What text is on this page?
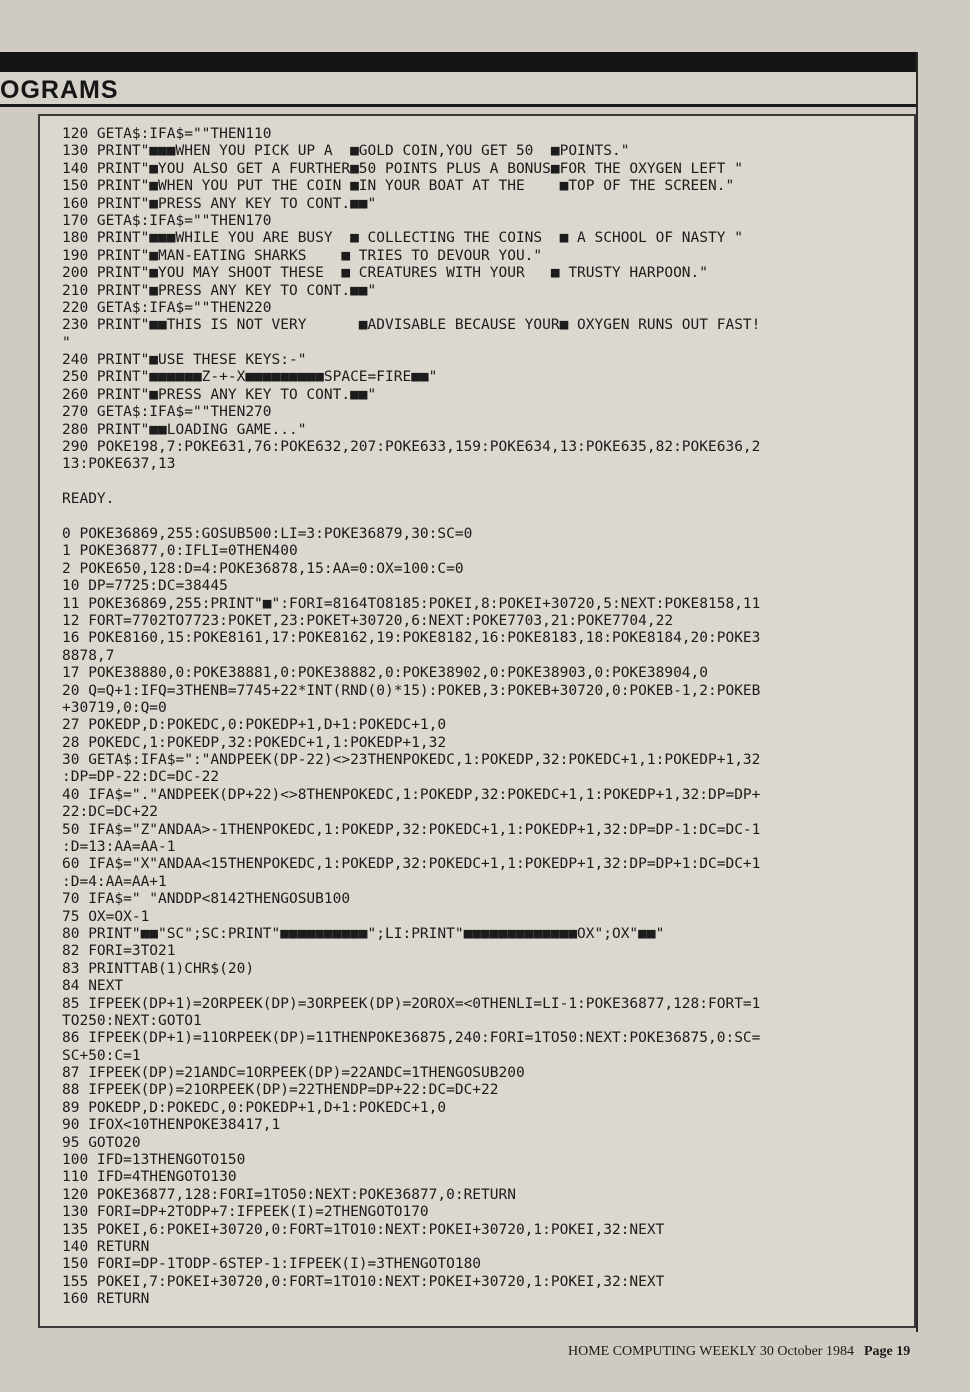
OGRAMS
120 GETA$:IFA$=""THEN110
130 PRINT"■■■WHEN YOU PICK UP A  ■GOLD COIN,YOU GET 50  ■POINTS."
140 PRINT"■YOU ALSO GET A FURTHER■50 POINTS PLUS A BONUS■FOR THE OXYGEN LEFT "
150 PRINT"■WHEN YOU PUT THE COIN ■IN YOUR BOAT AT THE    ■TOP OF THE SCREEN."
160 PRINT"■PRESS ANY KEY TO CONT.■■"
170 GETA$:IFA$=""THEN170
180 PRINT"■■■WHILE YOU ARE BUSY  ■ COLLECTING THE COINS  ■ A SCHOOL OF NASTY "
190 PRINT"■MAN-EATING SHARKS    ■ TRIES TO DEVOUR YOU."
200 PRINT"■YOU MAY SHOOT THESE  ■ CREATURES WITH YOUR   ■ TRUSTY HARPOON."
210 PRINT"■PRESS ANY KEY TO CONT.■■"
220 GETA$:IFA$=""THEN220
230 PRINT"■■THIS IS NOT VERY      ■ADVISABLE BECAUSE YOUR■ OXYGEN RUNS OUT FAST!
"
240 PRINT"■USE THESE KEYS:-"
250 PRINT"■■■■■■Z-+-X■■■■■■■■■SPACE=FIRE■■"
260 PRINT"■PRESS ANY KEY TO CONT.■■"
270 GETA$:IFA$=""THEN270
280 PRINT"■■LOADING GAME..."
290 POKE198,7:POKE631,76:POKE632,207:POKE633,159:POKE634,13:POKE635,82:POKE636,2
13:POKE637,13
READY.
0 POKE36869,255:GOSUB500:LI=3:POKE36879,30:SC=0
1 POKE36877,0:IFLI=0THEN400
2 POKE650,128:D=4:POKE36878,15:AA=0:OX=100:C=0
10 DP=7725:DC=38445
11 POKE36869,255:PRINT"■":FORI=8164TO8185:POKEI,8:POKEI+30720,5:NEXT:POKE8158,11
12 FORT=7702TO7723:POKET,23:POKET+30720,6:NEXT:POKE7703,21:POKE7704,22
16 POKE8160,15:POKE8161,17:POKE8162,19:POKE8182,16:POKE8183,18:POKE8184,20:POKE3
8878,7
17 POKE38880,0:POKE38881,0:POKE38882,0:POKE38902,0:POKE38903,0:POKE38904,0
20 Q=Q+1:IFQ=3THENB=7745+22*INT(RND(0)*15):POKEB,3:POKEB+30720,0:POKEB-1,2:POKEB
+30719,0:Q=0
27 POKEDP,D:POKEDC,0:POKEDP+1,D+1:POKEDC+1,0
28 POKEDC,1:POKEDP,32:POKEDC+1,1:POKEDP+1,32
30 GETA$:IFA$=":"ANDPEEK(DP-22)<>23THENPOKEDC,1:POKEDP,32:POKEDC+1,1:POKEDP+1,32
:DP=DP-22:DC=DC-22
40 IFA$="."ANDPEEK(DP+22)<>8THENPOKEDC,1:POKEDP,32:POKEDC+1,1:POKEDP+1,32:DP=DP+
22:DC=DC+22
50 IFA$="Z"ANDAA>-1THENPOKEDC,1:POKEDP,32:POKEDC+1,1:POKEDP+1,32:DP=DP-1:DC=DC-1
:D=13:AA=AA-1
60 IFA$="X"ANDAA<15THENPOKEDC,1:POKEDP,32:POKEDC+1,1:POKEDP+1,32:DP=DP+1:DC=DC+1
:D=4:AA=AA+1
70 IFA$=" "ANDDP<8142THENGOSUB100
75 OX=OX-1
80 PRINT"■■"SC";SC:PRINT"■■■■■■■■■■";LI:PRINT"■■■■■■■■■■■■■OX";OX"■■"
82 FORI=3TO21
83 PRINTTAB(1)CHR$(20)
84 NEXT
85 IFPEEK(DP+1)=2ORPEEK(DP)=3ORPEEK(DP)=2OROX=<0THENLI=LI-1:POKE36877,128:FORT=1
TO250:NEXT:GOTO1
86 IFPEEK(DP+1)=11ORPEEK(DP)=11THENPOKE36875,240:FORI=1TO50:NEXT:POKE36875,0:SC=
SC+50:C=1
87 IFPEEK(DP)=21ANDC=1ORPEEK(DP)=22ANDC=1THENGOSUB200
88 IFPEEK(DP)=21ORPEEK(DP)=22THENDP=DP+22:DC=DC+22
89 POKEDP,D:POKEDC,0:POKEDP+1,D+1:POKEDC+1,0
90 IFOX<10THENPOKE38417,1
95 GOTO20
100 IFD=13THENGOTO150
110 IFD=4THENGOTO130
120 POKE36877,128:FORI=1TO50:NEXT:POKE36877,0:RETURN
130 FORI=DP+2TODP+7:IFPEEK(I)=2THENGOTO170
135 POKEI,6:POKEI+30720,0:FORT=1TO10:NEXT:POKEI+30720,1:POKEI,32:NEXT
140 RETURN
150 FORI=DP-1TODP-6STEP-1:IFPEEK(I)=3THENGOTO180
155 POKEI,7:POKEI+30720,0:FORT=1TO10:NEXT:POKEI+30720,1:POKEI,32:NEXT
160 RETURN
HOME COMPUTING WEEKLY 30 October 1984 Page 19
